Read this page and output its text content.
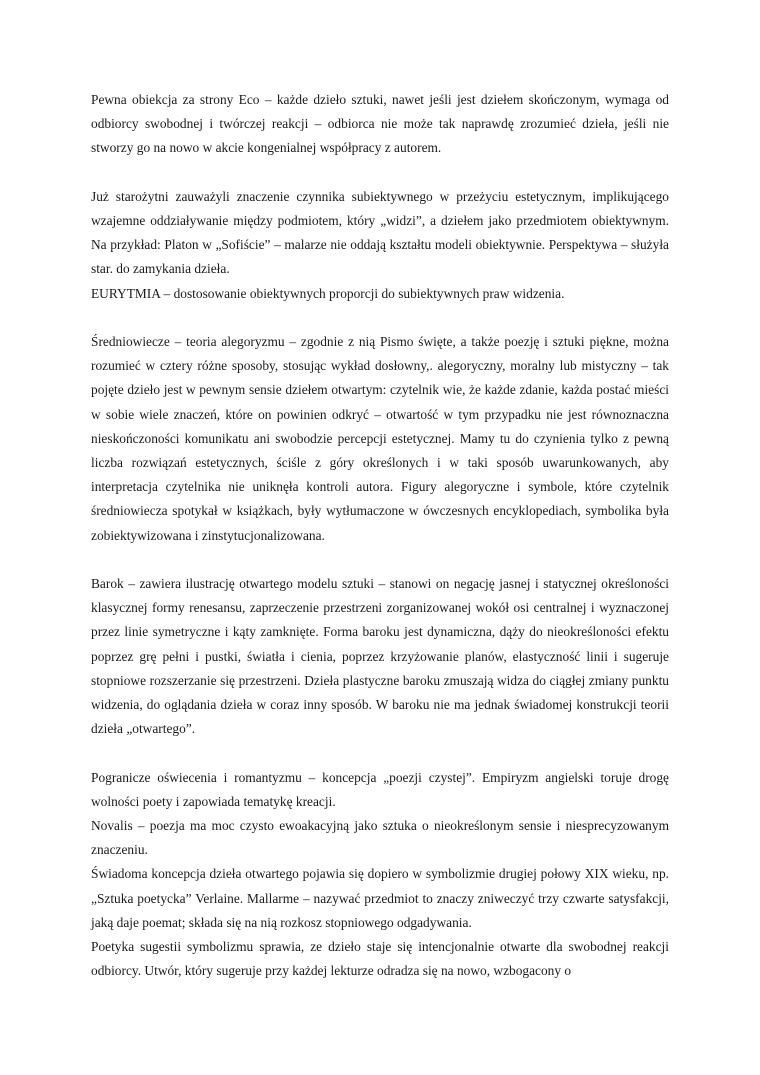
Pewna obiekcja za strony Eco – każde dzieło sztuki, nawet jeśli jest dziełem skończonym, wymaga od odbiorcy swobodnej i twórczej reakcji – odbiorca nie może tak naprawdę zrozumieć dzieła, jeśli nie stworzy go na nowo w akcie kongenialnej współpracy z autorem.

Już starożytni zauważyli znaczenie czynnika subiektywnego w przeżyciu estetycznym, implikującego wzajemne oddziaływanie między podmiotem, który „widzi”, a dziełem jako przedmiotem obiektywnym. Na przykład: Platon w „Sofiście” – malarze nie oddają kształtu modeli obiektywnie. Perspektywa – służyła star. do zamykania dzieła.

EURYTMIA – dostosowanie obiektywnych proporcji do subiektywnych praw widzenia.

Średniowiecze – teoria alegoryzmu – zgodnie z nią Pismo święte, a także poezję i sztuki piękne, można rozumieć w cztery różne sposoby, stosując wykład dosłowny,. alegoryczny, moralny lub mistyczny – tak pojęte dzieło jest w pewnym sensie dziełem otwartym: czytelnik wie, że każde zdanie, każda postać mieści w sobie wiele znaczeń, które on powinien odkryć – otwartość w tym przypadku nie jest równoznaczna nieskończoności komunikatu ani swobodzie percepcji estetycznej. Mamy tu do czynienia tylko z pewną liczba rozwiązań estetycznych, ściśle z góry określonych i w taki sposób uwarunkowanych, aby interpretacja czytelnika nie uniknęła kontroli autora. Figury alegoryczne i symbole, które czytelnik średniowiecza spotykał w książkach, były wytłumaczone w ówczesnych encyklopediach, symbolika była zobiektywizowana i zinstytucjonalizowana.

Barok – zawiera ilustrację otwartego modelu sztuki – stanowi on negację jasnej i statycznej określoności klasycznej formy renesansu, zaprzeczenie przestrzeni zorganizowanej wokół osi centralnej i wyznaczonej przez linie symetryczne i kąty zamknięte. Forma baroku jest dynamiczna, dąży do nieokreśloności efektu poprzez grę pełni i pustki, światła i cienia, poprzez krzyżowanie planów, elastyczność linii i sugeruje stopniowe rozszerzanie się przestrzeni. Dzieła plastyczne baroku zmuszają widza do ciągłej zmiany punktu widzenia, do oglądania dzieła w coraz inny sposób. W baroku nie ma jednak świadomej konstrukcji teorii dzieła „otwartego”.

Pogranicze oświecenia i romantyzmu – koncepcja „poezji czystej”. Empiryzm angielski toruje drogę wolności poety i zapowiada tematykę kreacji.

Novalis – poezja ma moc czysto ewoakacyjną jako sztuka o nieokreślonym sensie i niesprecyzowanym znaczeniu.

Świadoma koncepcja dzieła otwartego pojawia się dopiero w symbolizmie drugiej połowy XIX wieku, np. „Sztuka poetycka” Verlaine. Mallarme – nazywać przedmiot to znaczy zniweczyć trzy czwarte satysfakcji, jaką daje poemat; składa się na nią rozkosz stopniowego odgadywania.

Poetyka sugestii symbolizmu sprawia, ze dzieło staje się intencjonalnie otwarte dla swobodnej reakcji odbiorcy. Utwór, który sugeruje przy każdej lekturze odradza się na nowo, wzbogacony o
